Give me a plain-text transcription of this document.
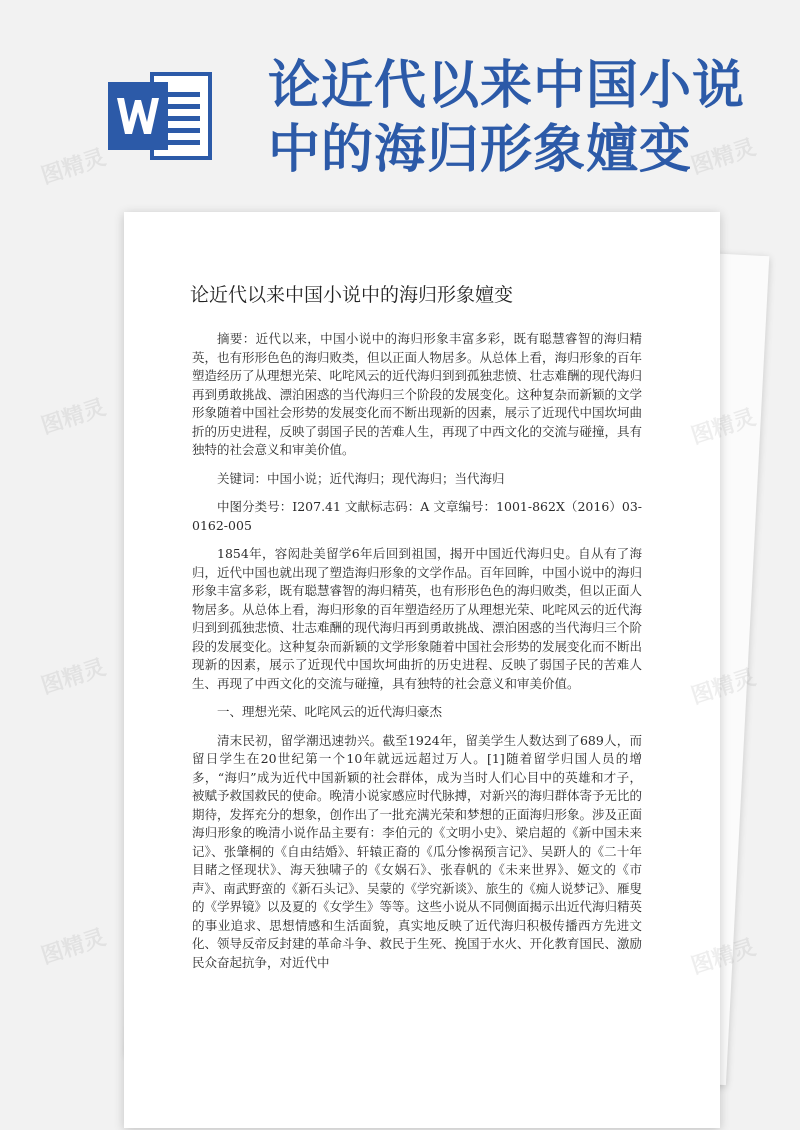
论近代以来中国小说中的海归形象嬗变
论近代以来中国小说中的海归形象嬗变

摘要：近代以来，中国小说中的海归形象丰富多彩，既有聪慧睿智的海归精英，也有形形色色的海归败类，但以正面人物居多。从总体上看，海归形象的百年塑造经历了从理想光荣、叱咤风云的近代海归到到孤独悲愤、壮志难酬的现代海归再到勇敢挑战、漂泊困惑的当代海归三个阶段的发展变化。这种复杂而新颖的文学形象随着中国社会形势的发展变化而不断出现新的因素，展示了近现代中国坎坷曲折的历史进程，反映了弱国子民的苦难人生，再现了中西文化的交流与碰撞，具有独特的社会意义和审美价值。

关键词：中国小说；近代海归；现代海归；当代海归

中图分类号：I207.41 文献标志码：A 文章编号：1001-862X（2016）03-0162-005

1854年，容闳赴美留学6年后回到祖国，揭开中国近代海归史。自从有了海归，近代中国也就出现了塑造海归形象的文学作品。百年回眸，中国小说中的海归形象丰富多彩，既有聪慧睿智的海归精英，也有形形色色的海归败类，但以正面人物居多。从总体上看，海归形象的百年塑造经历了从理想光荣、叱咤风云的近代海归到到孤独悲愤、壮志难酬的现代海归再到勇敢挑战、漂泊困惑的当代海归三个阶段的发展变化。这种复杂而新颖的文学形象随着中国社会形势的发展变化而不断出现新的因素，展示了近现代中国坎坷曲折的历史进程、反映了弱国子民的苦难人生、再现了中西文化的交流与碰撞，具有独特的社会意义和审美价值。

一、理想光荣、叱咤风云的近代海归豪杰

清末民初，留学潮迅速勃兴。截至1924年，留美学生人数达到了689人，而留日学生在20世纪第一个10年就远远超过万人。[1]随着留学归国人员的增多，“海归”成为近代中国新颖的社会群体，成为当时人们心目中的英雄和才子，被赋予救国救民的使命。晚清小说家感应时代脉搏，对新兴的海归群体寄予无比的期待，发挥充分的想象，创作出了一批充满光荣和梦想的正面海归形象。涉及正面海归形象的晚清小说作品主要有：李伯元的《文明小史》、梁启超的《新中国未来记》、张肇桐的《自由结婚》、轩辕正裔的《瓜分惨祸预言记》、吴趼人的《二十年目睹之怪现状》、海天独啸子的《女娲石》、张春帆的《未来世界》、姬文的《市声》、南武野蛮的《新石头记》、吴蒙的《学究新谈》、旅生的《痴人说梦记》、雁叟的《学界镜》以及夏的《女学生》等等。这些小说从不同侧面揭示出近代海归精英的事业追求、思想情感和生活面貌，真实地反映了近代海归积极传播西方先进文化、领导反帝反封建的革命斗争、救民于生死、挽国于水火、开化教育国民、激励民众奋起抗争，对近代中

图精灵	图精灵
图精灵
图精灵
图精灵
